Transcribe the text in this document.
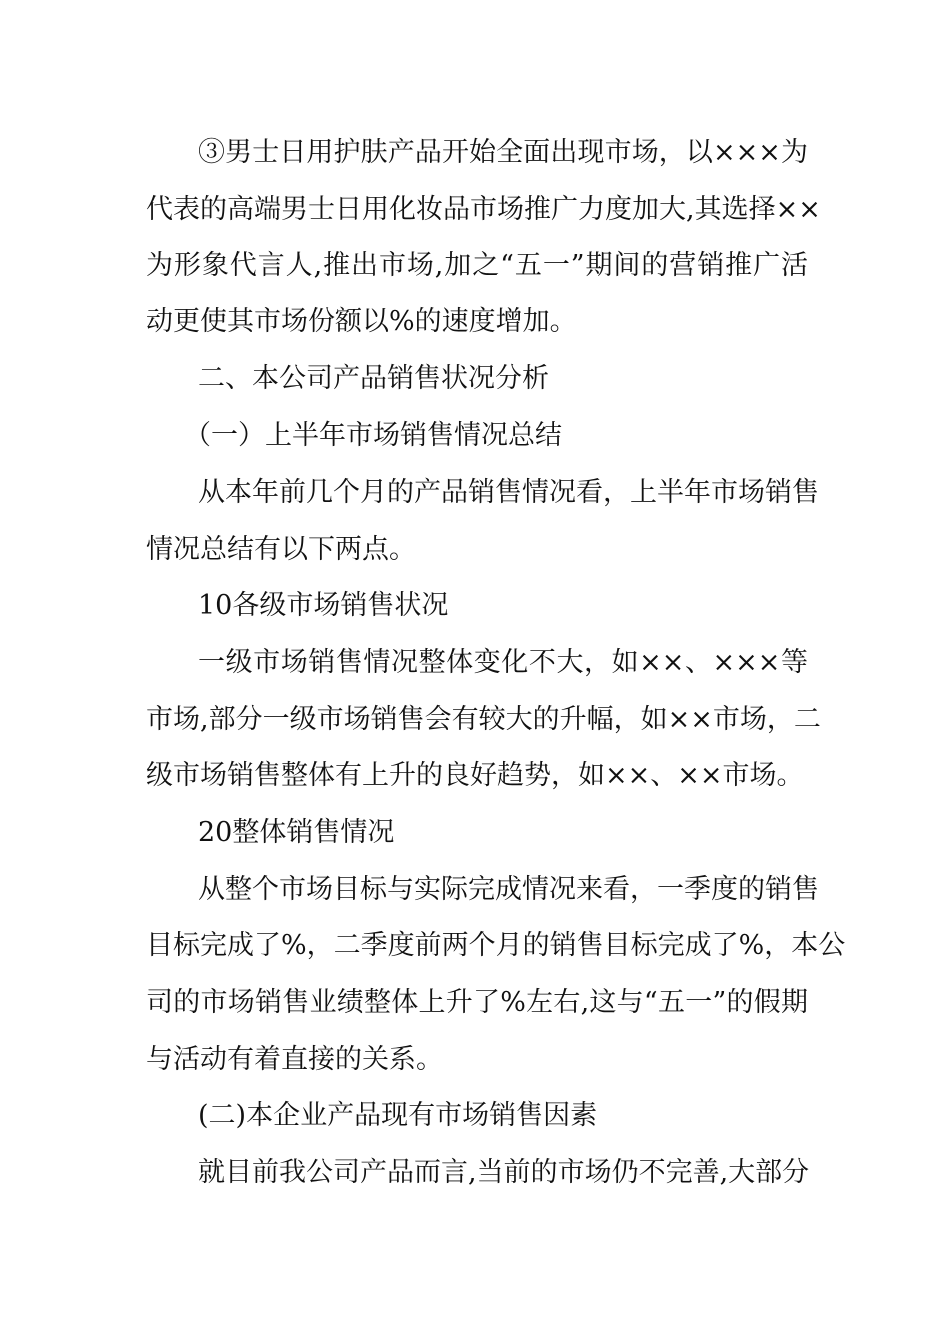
③男士日用护肤产品开始全面出现市场，以×××为
代表的高端男士日用化妆品市场推广力度加大,其选择××
为形象代言人,推出市场,加之“五一”期间的营销推广活
动更使其市场份额以%的速度增加。
二、本公司产品销售状况分析
（一）上半年市场销售情况总结
从本年前几个月的产品销售情况看，上半年市场销售
情况总结有以下两点。
10各级市场销售状况
一级市场销售情况整体变化不大，如××、×××等
市场,部分一级市场销售会有较大的升幅，如××市场，二
级市场销售整体有上升的良好趋势，如××、××市场。
20整体销售情况
从整个市场目标与实际完成情况来看，一季度的销售
目标完成了%，二季度前两个月的销售目标完成了%，本公
司的市场销售业绩整体上升了%左右,这与“五一”的假期
与活动有着直接的关系。
(二)本企业产品现有市场销售因素
就目前我公司产品而言,当前的市场仍不完善,大部分
